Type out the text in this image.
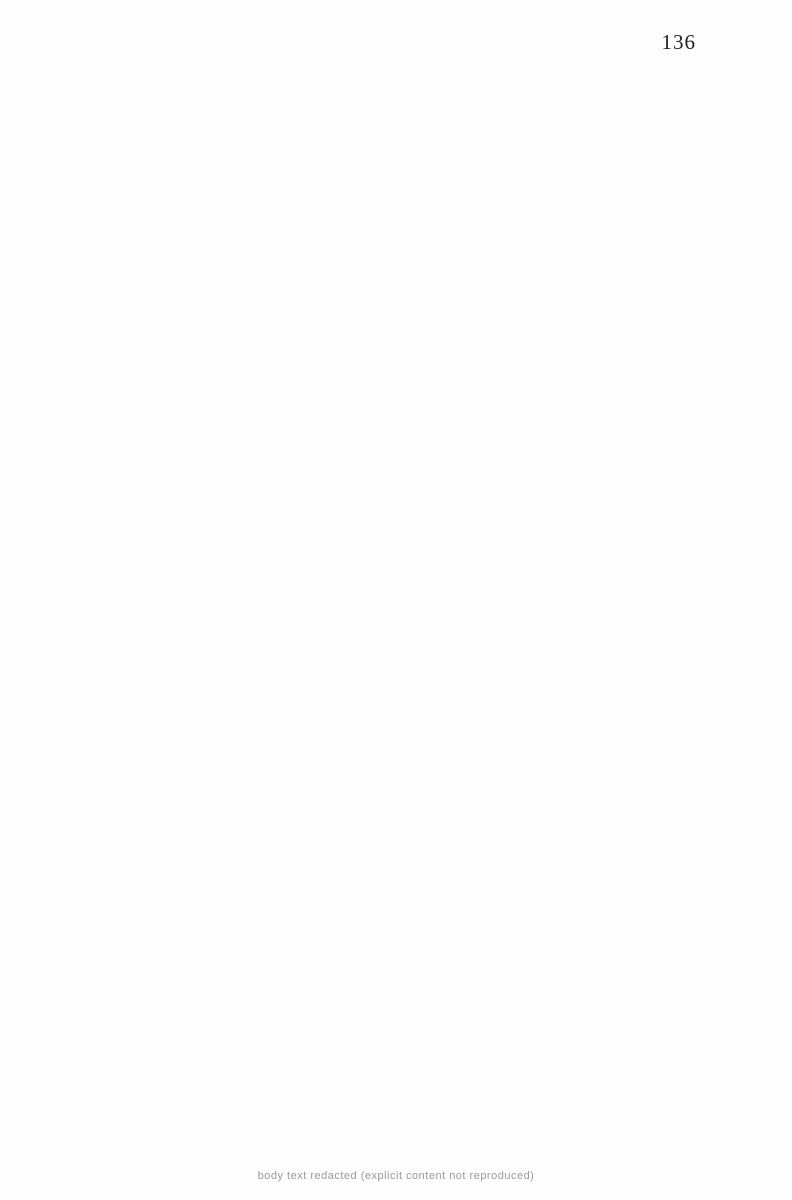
136
body text redacted (explicit content not reproduced)
